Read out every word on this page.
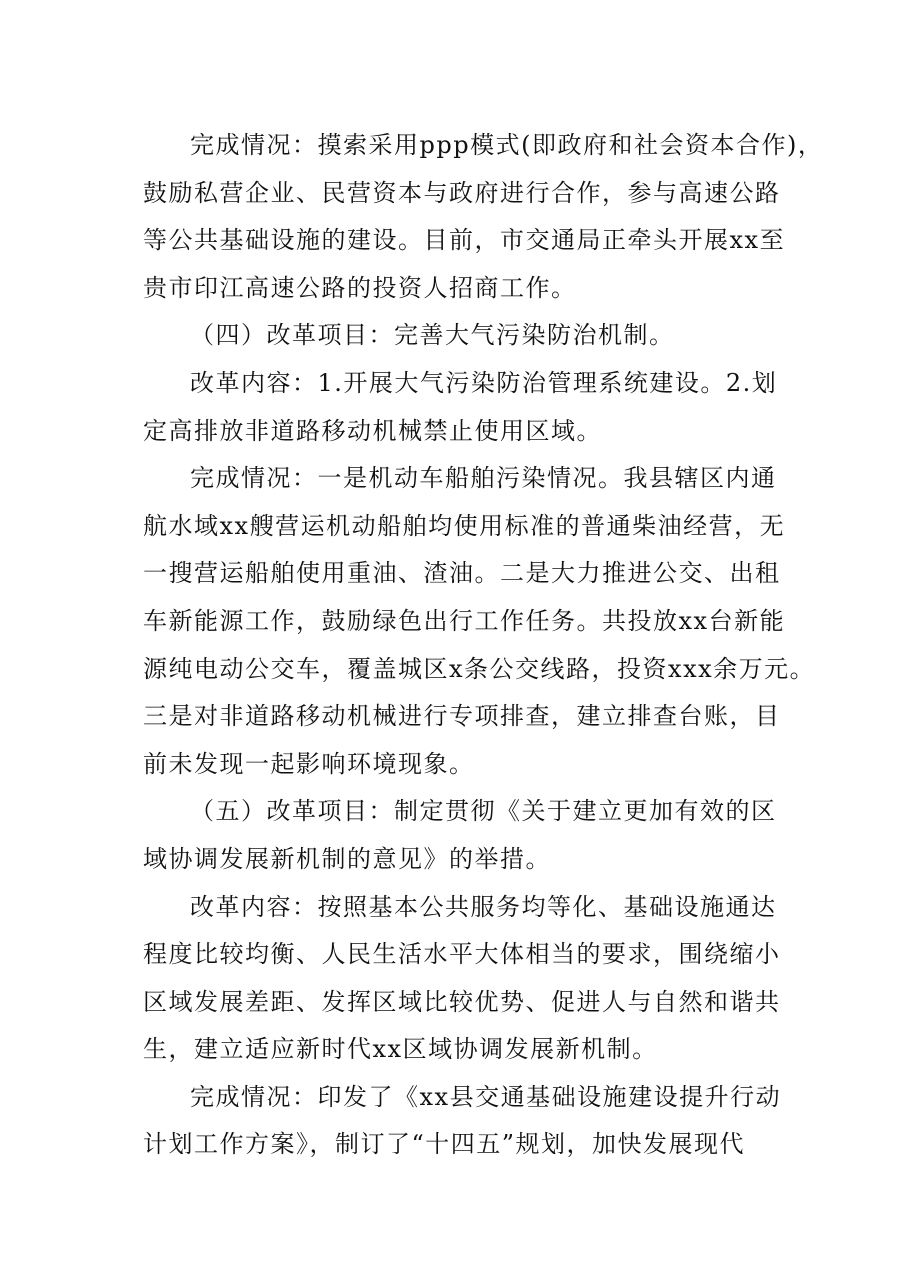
完成情况：摸索采用ppp模式(即政府和社会资本合作)，
鼓励私营企业、民营资本与政府进行合作，参与高速公路
等公共基础设施的建设。目前，市交通局正牵头开展xx至
贵市印江高速公路的投资人招商工作。
（四）改革项目：完善大气污染防治机制。
改革内容：1.开展大气污染防治管理系统建设。2.划
定高排放非道路移动机械禁止使用区域。
完成情况：一是机动车船舶污染情况。我县辖区内通
航水域xx艘营运机动船舶均使用标准的普通柴油经营，无
一搜营运船舶使用重油、渣油。二是大力推进公交、出租
车新能源工作，鼓励绿色出行工作任务。共投放xx台新能
源纯电动公交车，覆盖城区x条公交线路，投资xxx余万元。
三是对非道路移动机械进行专项排查，建立排查台账，目
前未发现一起影响环境现象。
（五）改革项目：制定贯彻《关于建立更加有效的区
域协调发展新机制的意见》的举措。
改革内容：按照基本公共服务均等化、基础设施通达
程度比较均衡、人民生活水平大体相当的要求，围绕缩小
区域发展差距、发挥区域比较优势、促进人与自然和谐共
生，建立适应新时代xx区域协调发展新机制。
完成情况：印发了《xx县交通基础设施建设提升行动
计划工作方案》，制订了“十四五”规划，加快发展现代
